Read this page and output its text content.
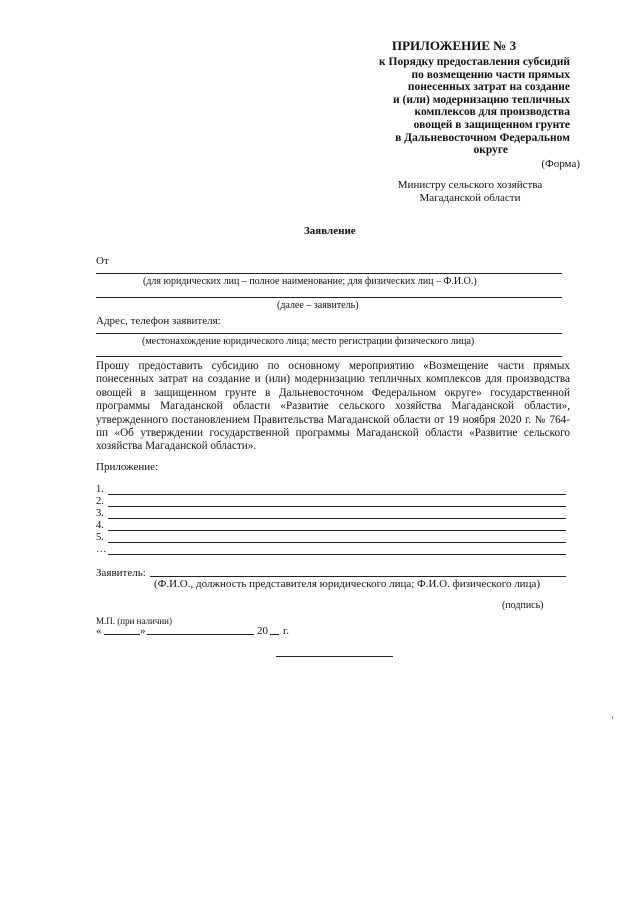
ПРИЛОЖЕНИЕ № 3
к Порядку предоставления субсидий
по возмещению части прямых
понесенных затрат на создание
и (или) модернизацию тепличных
комплексов для производства
овощей в защищенном грунте
в Дальневосточном Федеральном
округе
(Форма)
Министру сельского хозяйства
Магаданской области
Заявление
От
(для юридических лиц – полное наименование; для физических лиц – Ф.И.О.)
(далее – заявитель)
Адрес, телефон заявителя:
(местонахождение юридического лица; место регистрации физического лица)
Прошу предоставить субсидию по основному мероприятию «Возмещение части прямых понесенных затрат на создание и (или) модернизацию тепличных комплексов для производства овощей в защищенном грунте в Дальневосточном Федеральном округе» государственной программы Магаданской области «Развитие сельского хозяйства Магаданской области», утвержденного постановлением Правительства Магаданской области от 19 ноября 2020 г. № 764-пп «Об утверждении государственной программы Магаданской области «Развитие сельского хозяйства Магаданской области».
Приложение:
1.
2.
3.
4.
5.
…
Заявитель:
(Ф.И.О., должность представителя юридического лица; Ф.И.О. физического лица)
(подпись)
М.П. (при наличии)
«	»	20 г.
